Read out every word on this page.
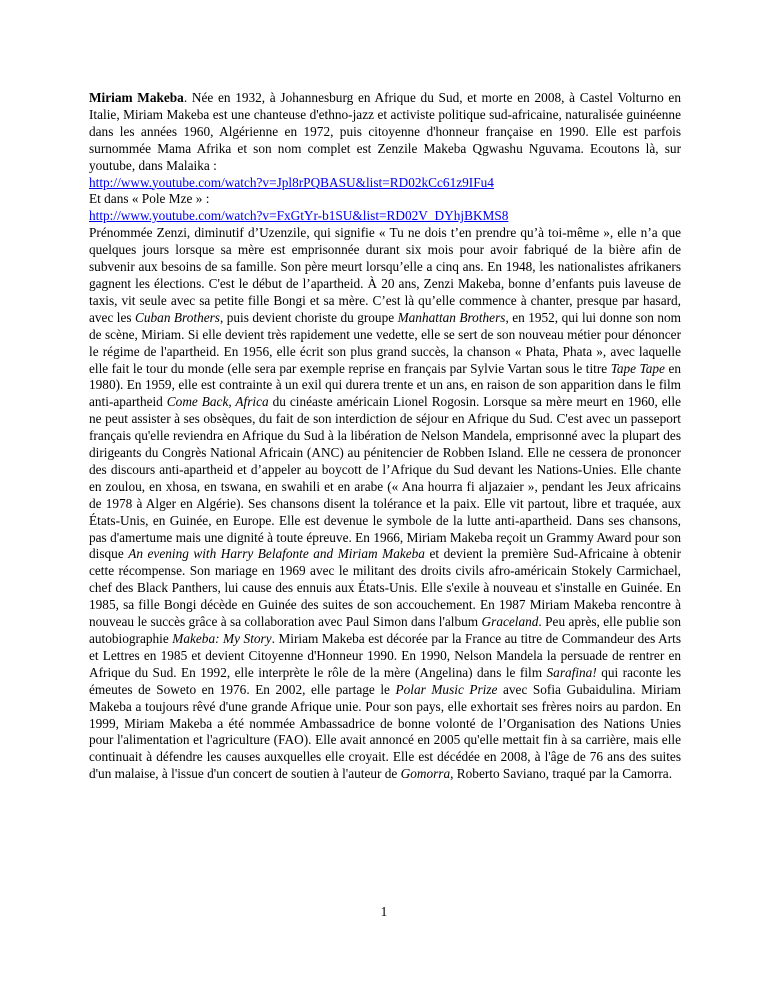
Miriam Makeba. Née en 1932, à Johannesburg en Afrique du Sud, et morte en 2008, à Castel Volturno en Italie, Miriam Makeba est une chanteuse d'ethno-jazz et activiste politique sud-africaine, naturalisée guinéenne dans les années 1960, Algérienne en 1972, puis citoyenne d'honneur française en 1990. Elle est parfois surnommée Mama Afrika et son nom complet est Zenzile Makeba Qgwashu Nguvama. Ecoutons là, sur youtube, dans Malaika :

http://www.youtube.com/watch?v=Jpl8rPQBASU&list=RD02kCc61z9IFu4

Et dans « Pole Mze » :

http://www.youtube.com/watch?v=FxGtYr-b1SU&list=RD02V_DYhjBKMS8

Prénommée Zenzi, diminutif d’Uzenzile, qui signifie « Tu ne dois t’en prendre qu’à toi-même », elle n’a que quelques jours lorsque sa mère est emprisonnée durant six mois pour avoir fabriqué de la bière afin de subvenir aux besoins de sa famille. Son père meurt lorsqu’elle a cinq ans. En 1948, les nationalistes afrikaners gagnent les élections. C'est le début de l’apartheid. À 20 ans, Zenzi Makeba, bonne d’enfants puis laveuse de taxis, vit seule avec sa petite fille Bongi et sa mère. C’est là qu’elle commence à chanter, presque par hasard, avec les Cuban Brothers, puis devient choriste du groupe Manhattan Brothers, en 1952, qui lui donne son nom de scène, Miriam. Si elle devient très rapidement une vedette, elle se sert de son nouveau métier pour dénoncer le régime de l'apartheid. En 1956, elle écrit son plus grand succès, la chanson « Phata, Phata », avec laquelle elle fait le tour du monde (elle sera par exemple reprise en français par Sylvie Vartan sous le titre Tape Tape en 1980). En 1959, elle est contrainte à un exil qui durera trente et un ans, en raison de son apparition dans le film anti-apartheid Come Back, Africa du cinéaste américain Lionel Rogosin. Lorsque sa mère meurt en 1960, elle ne peut assister à ses obsèques, du fait de son interdiction de séjour en Afrique du Sud. C'est avec un passeport français qu'elle reviendra en Afrique du Sud à la libération de Nelson Mandela, emprisonné avec la plupart des dirigeants du Congrès National Africain (ANC) au pénitencier de Robben Island. Elle ne cessera de prononcer des discours anti-apartheid et d’appeler au boycott de l’Afrique du Sud devant les Nations-Unies. Elle chante en zoulou, en xhosa, en tswana, en swahili et en arabe (« Ana hourra fi aljazaier », pendant les Jeux africains de 1978 à Alger en Algérie). Ses chansons disent la tolérance et la paix. Elle vit partout, libre et traquée, aux États-Unis, en Guinée, en Europe. Elle est devenue le symbole de la lutte anti-apartheid. Dans ses chansons, pas d'amertume mais une dignité à toute épreuve. En 1966, Miriam Makeba reçoit un Grammy Award pour son disque An evening with Harry Belafonte and Miriam Makeba et devient la première Sud-Africaine à obtenir cette récompense. Son mariage en 1969 avec le militant des droits civils afro-américain Stokely Carmichael, chef des Black Panthers, lui cause des ennuis aux États-Unis. Elle s'exile à nouveau et s'installe en Guinée. En 1985, sa fille Bongi décède en Guinée des suites de son accouchement. En 1987 Miriam Makeba rencontre à nouveau le succès grâce à sa collaboration avec Paul Simon dans l'album Graceland. Peu après, elle publie son autobiographie Makeba: My Story. Miriam Makeba est décorée par la France au titre de Commandeur des Arts et Lettres en 1985 et devient Citoyenne d'Honneur 1990. En 1990, Nelson Mandela la persuade de rentrer en Afrique du Sud. En 1992, elle interprète le rôle de la mère (Angelina) dans le film Sarafina! qui raconte les émeutes de Soweto en 1976. En 2002, elle partage le Polar Music Prize avec Sofia Gubaidulina. Miriam Makeba a toujours rêvé d'une grande Afrique unie. Pour son pays, elle exhortait ses frères noirs au pardon. En 1999, Miriam Makeba a été nommée Ambassadrice de bonne volonté de l’Organisation des Nations Unies pour l'alimentation et l'agriculture (FAO). Elle avait annoncé en 2005 qu'elle mettait fin à sa carrière, mais elle continuait à défendre les causes auxquelles elle croyait. Elle est décédée en 2008, à l'âge de 76 ans des suites d'un malaise, à l'issue d'un concert de soutien à l'auteur de Gomorra, Roberto Saviano, traqué par la Camorra.

1
